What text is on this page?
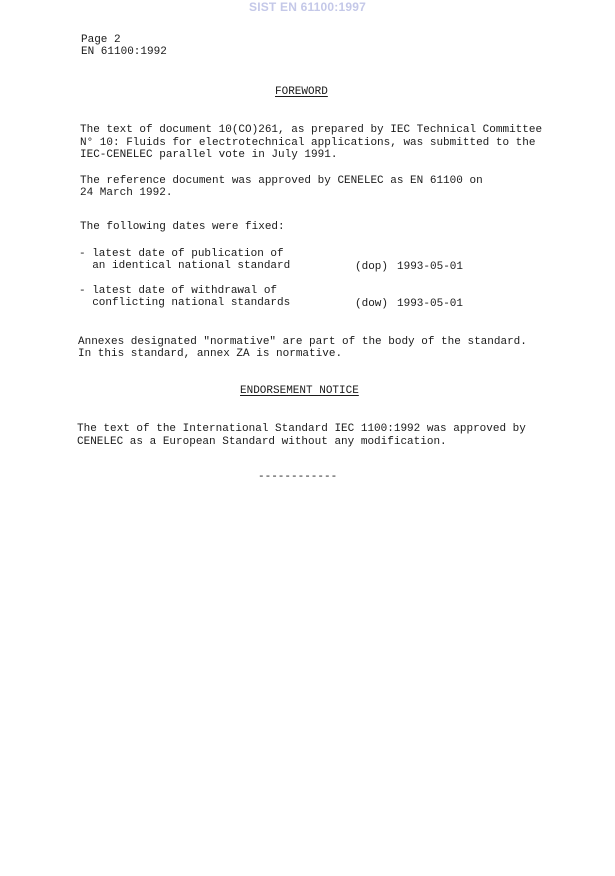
SIST EN 61100:1997
Page 2
EN 61100:1992
FOREWORD
The text of document 10(CO)261, as prepared by IEC Technical Committee
N° 10: Fluids for electrotechnical applications, was submitted to the
IEC-CENELEC parallel vote in July 1991.
The reference document was approved by CENELEC as EN 61100 on
24 March 1992.
The following dates were fixed:
- latest date of publication of
an identical national standard	(dop) 1993-05-01
- latest date of withdrawal of
conflicting national standards	(dow) 1993-05-01
Annexes designated "normative" are part of the body of the standard.
In this standard, annex ZA is normative.
ENDORSEMENT NOTICE
The text of the International Standard IEC 1100:1992 was approved by
CENELEC as a European Standard without any modification.
------------
